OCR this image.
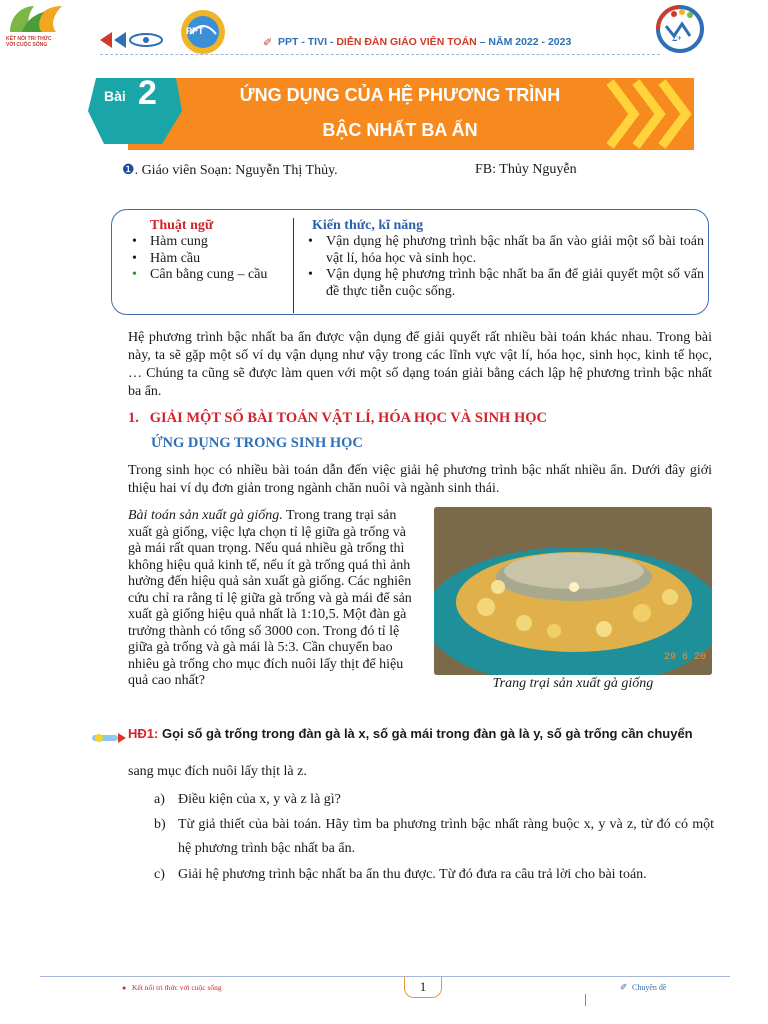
KẾT NỐI TRI THỨC
VỚI CUỘC SỐNG
PPT
✐ PPT - TIVI - DIỄN ĐÀN GIÁO VIÊN TOÁN – NĂM 2022 - 2023	Σ+
Bài 2	ỨNG DỤNG CỦA HỆ PHƯƠNG TRÌNH
BẬC NHẤT BA ẨN
❶. Giáo viên Soạn: Nguyễn Thị Thủy.	FB: Thủy Nguyễn
Thuật ngữ
• Hàm cung
• Hàm cầu
• Cân bằng cung – cầu
Kiến thức, kĩ năng
• Vận dụng hệ phương trình bậc nhất ba ẩn vào giải một số bài toán vật lí, hóa học và sinh học.
• Vận dụng hệ phương trình bậc nhất ba ẩn để giải quyết một số vấn đề thực tiễn cuộc sống.
Hệ phương trình bậc nhất ba ẩn được vận dụng để giải quyết rất nhiều bài toán khác nhau. Trong bài này, ta sẽ gặp một số ví dụ vận dụng như vậy trong các lĩnh vực vật lí, hóa học, sinh học, kinh tế học, … Chúng ta cũng sẽ được làm quen với một số dạng toán giải bằng cách lập hệ phương trình bậc nhất ba ẩn.
1. GIẢI MỘT SỐ BÀI TOÁN VẬT LÍ, HÓA HỌC VÀ SINH HỌC
ỨNG DỤNG TRONG SINH HỌC
Trong sinh học có nhiều bài toán dẫn đến việc giải hệ phương trình bậc nhất nhiều ẩn. Dưới đây giới thiệu hai ví dụ đơn giản trong ngành chăn nuôi và ngành sinh thái.
Bài toán sản xuất gà giống. Trong trang trại sản xuất gà giống, việc lựa chọn tỉ lệ giữa gà trống và gà mái rất quan trọng. Nếu quá nhiều gà trống thì không hiệu quả kinh tế, nếu ít gà trống quá thì ảnh hưởng đến hiệu quả sản xuất gà giống. Các nghiên cứu chỉ ra rằng tỉ lệ giữa gà trống và gà mái để sản xuất gà giống hiệu quả nhất là 1:10,5. Một đàn gà trưởng thành có tổng số 3000 con. Trong đó tỉ lệ giữa gà trống và gà mái là 5:3. Cần chuyển bao nhiêu gà trống cho mục đích nuôi lấy thịt để hiệu quả cao nhất?
29 6 20
Trang trại sản xuất gà giống
HĐ1: Gọi số gà trống trong đàn gà là x, số gà mái trong đàn gà là y, số gà trống cần chuyển
sang mục đích nuôi lấy thịt là z.
a) Điều kiện của x, y và z là gì?
b) Từ giả thiết của bài toán. Hãy tìm ba phương trình bậc nhất ràng buộc x, y và z, từ đó có một hệ phương trình bậc nhất ba ẩn.
c) Giải hệ phương trình bậc nhất ba ẩn thu được. Từ đó đưa ra câu trả lời cho bài toán.
● Kết nối tri thức với cuộc sống	1	✐ Chuyên đề
